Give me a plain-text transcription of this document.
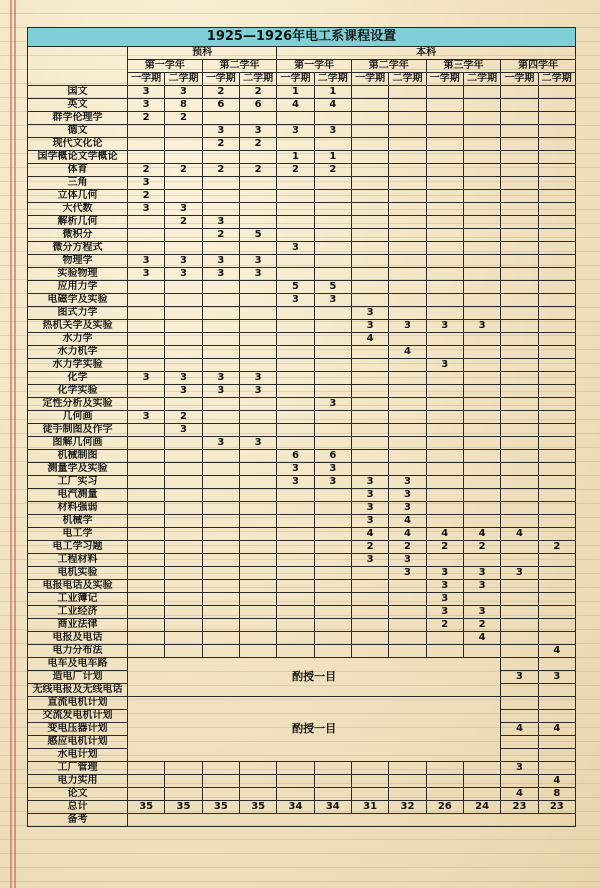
1925—1926年电工系课程设置												
	预科				本科							
	第一学年		第二学年		第一学年		第二学年		第三学年		第四学年	
	一学期	二学期	一学期	二学期	一学期	二学期	一学期	二学期	一学期	二学期	一学期	二学期
国文	3	3	2	2	1	1						
英文	3	8	6	6	4	4						
群学伦理学	2	2										
德文			3	3	3	3						
现代文化论			2	2								
国学概论文学概论					1	1						
体育	2	2	2	2	2	2						
三角	3											
立体几何	2											
大代数	3	3										
解析几何		2	3									
微积分			2	5								
微分方程式					3							
物理学	3	3	3	3								
实验物理	3	3	3	3								
应用力学					5	5						
电磁学及实验					3	3						
图式力学							3					
热机关学及实验							3	3	3	3		
水力学							4					
水力机学								4				
水力学实验									3			
化学	3	3	3	3								
化学实验		3	3	3								
定性分析及实验						3						
几何画	3	2										
徒手制图及作字		3										
图解几何画			3	3								
机械制图					6	6						
测量学及实验					3	3						
工厂实习					3	3	3	3				
电汽测量							3	3				
材料强弱							3	3				
机械学							3	4				
电工学							4	4	4	4	4	
电工学习题							2	2	2	2		2
工程材料							3	3				
电机实验								3	3	3	3	
电报电话及实验									3	3		
工业簿记									3			
工业经济									3	3		
商业法律									2	2		
电报及电话										4		
电力分布法												4
电车及电车路	酌授一目											
造电厂计划											3	3
无线电报及无线电话												
直流电机计划	酌授一目											
交流发电机计划												
变电压器计划											4	4
感应电机计划												
水电计划												
工厂管理											3	
电力实用												4
论文											4	8
总计	35	35	35	35	34	34	31	32	26	24	23	23
备考												
